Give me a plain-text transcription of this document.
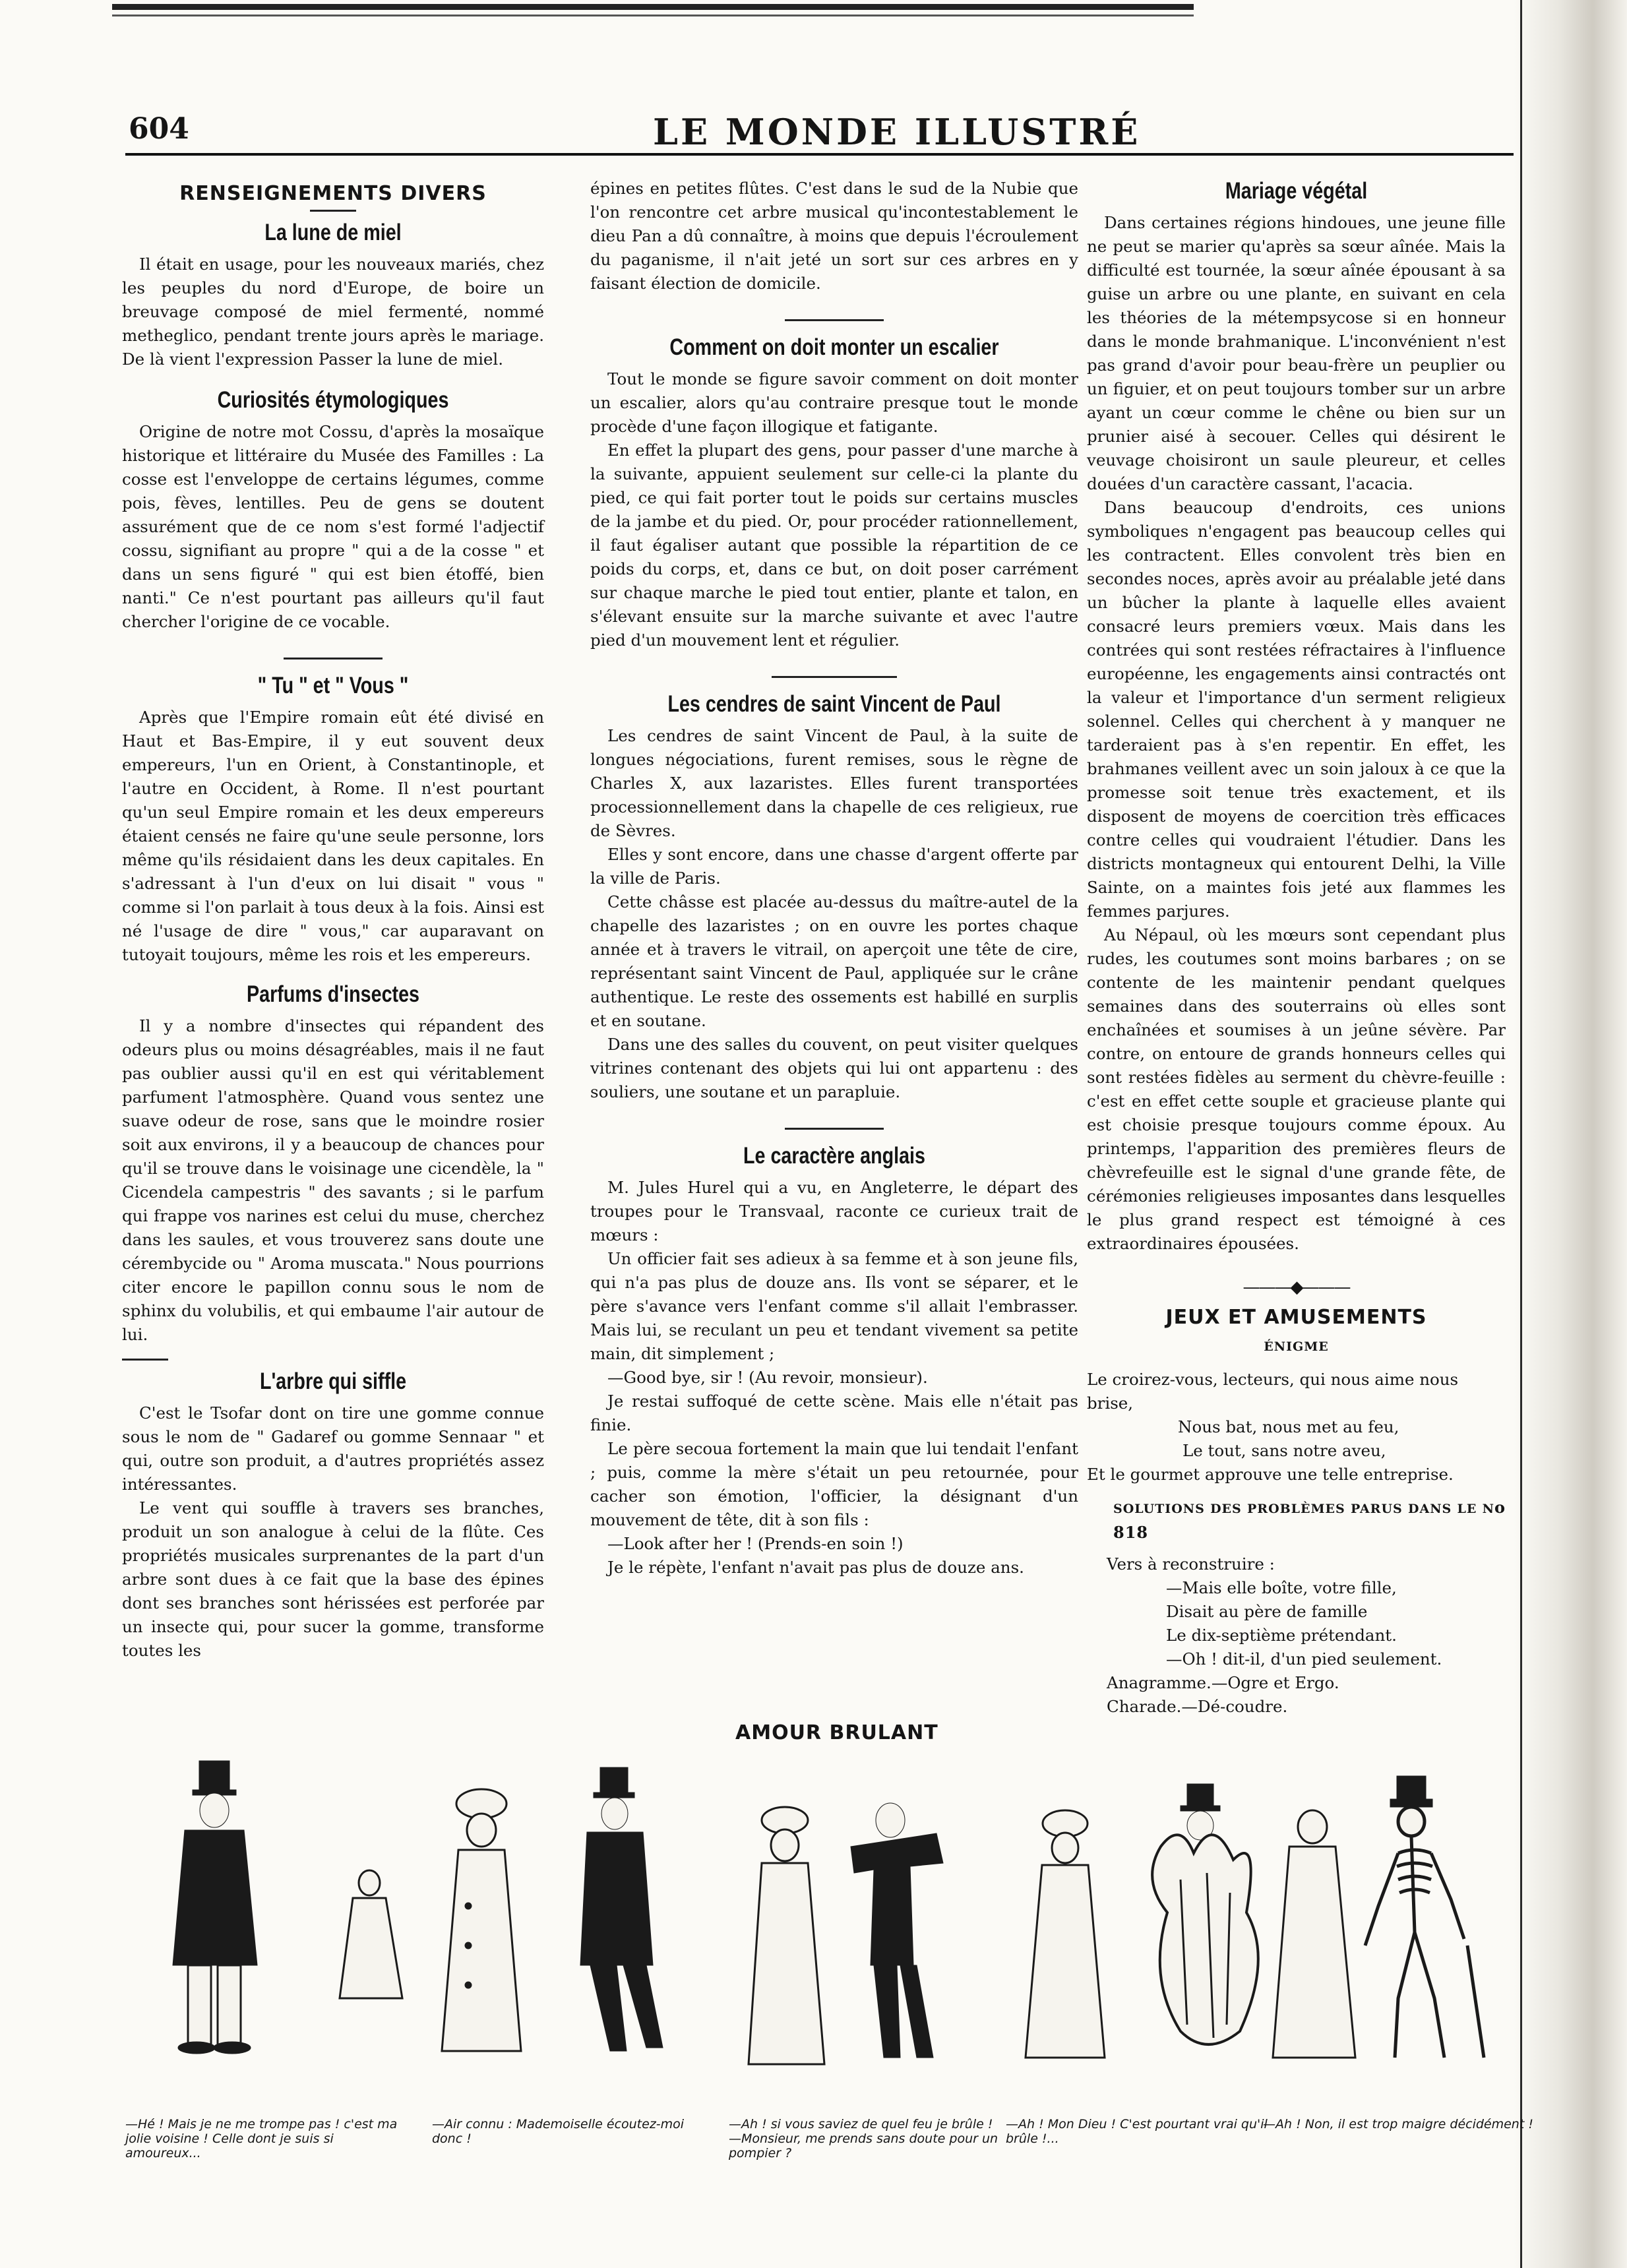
604	LE MONDE ILLUSTRÉ
RENSEIGNEMENTS DIVERS
La lune de miel

Il était en usage, pour les nouveaux mariés, chez les peuples du nord d'Europe, de boire un breuvage composé de miel fermenté, nommé metheglico, pendant trente jours après le mariage. De là vient l'expression Passer la lune de miel.

Curiosités étymologiques

Origine de notre mot Cossu, d'après la mosaïque historique et littéraire du Musée des Familles : La cosse est l'enveloppe de certains légumes, comme pois, fèves, lentilles. Peu de gens se doutent assurément que de ce nom s'est formé l'adjectif cossu, signifiant au propre " qui a de la cosse " et dans un sens figuré " qui est bien étoffé, bien nanti." Ce n'est pourtant pas ailleurs qu'il faut chercher l'origine de ce vocable.

" Tu " et " Vous "

Après que l'Empire romain eût été divisé en Haut et Bas-Empire, il y eut souvent deux empereurs, l'un en Orient, à Constantinople, et l'autre en Occident, à Rome. Il n'est pourtant qu'un seul Empire romain et les deux empereurs étaient censés ne faire qu'une seule personne, lors même qu'ils résidaient dans les deux capitales. En s'adressant à l'un d'eux on lui disait " vous " comme si l'on parlait à tous deux à la fois. Ainsi est né l'usage de dire " vous," car auparavant on tutoyait toujours, même les rois et les empereurs.

Parfums d'insectes

Il y a nombre d'insectes qui répandent des odeurs plus ou moins désagréables, mais il ne faut pas oublier aussi qu'il en est qui véritablement parfument l'atmosphère. Quand vous sentez une suave odeur de rose, sans que le moindre rosier soit aux environs, il y a beaucoup de chances pour qu'il se trouve dans le voisinage une cicendèle, la " Cicendela campestris " des savants ; si le parfum qui frappe vos narines est celui du muse, cherchez dans les saules, et vous trouverez sans doute une cérembycide ou " Aroma muscata." Nous pourrions citer encore le papillon connu sous le nom de sphinx du volubilis, et qui embaume l'air autour de lui.

L'arbre qui siffle

C'est le Tsofar dont on tire une gomme connue sous le nom de " Gadaref ou gomme Sennaar " et qui, outre son produit, a d'autres propriétés assez intéressantes.

Le vent qui souffle à travers ses branches, produit un son analogue à celui de la flûte. Ces propriétés musicales surprenantes de la part d'un arbre sont dues à ce fait que la base des épines dont ses branches sont hérissées est perforée par un insecte qui, pour sucer la gomme, transforme toutes les

épines en petites flûtes. C'est dans le sud de la Nubie que l'on rencontre cet arbre musical qu'incontestablement le dieu Pan a dû connaître, à moins que depuis l'écroulement du paganisme, il n'ait jeté un sort sur ces arbres en y faisant élection de domicile.

Comment on doit monter un escalier

Tout le monde se figure savoir comment on doit monter un escalier, alors qu'au contraire presque tout le monde procède d'une façon illogique et fatigante.

En effet la plupart des gens, pour passer d'une marche à la suivante, appuient seulement sur celle-ci la plante du pied, ce qui fait porter tout le poids sur certains muscles de la jambe et du pied. Or, pour procéder rationnellement, il faut égaliser autant que possible la répartition de ce poids du corps, et, dans ce but, on doit poser carrément sur chaque marche le pied tout entier, plante et talon, en s'élevant ensuite sur la marche suivante et avec l'autre pied d'un mouvement lent et régulier.

Les cendres de saint Vincent de Paul

Les cendres de saint Vincent de Paul, à la suite de longues négociations, furent remises, sous le règne de Charles X, aux lazaristes. Elles furent transportées processionnellement dans la chapelle de ces religieux, rue de Sèvres.

Elles y sont encore, dans une chasse d'argent offerte par la ville de Paris.

Cette châsse est placée au-dessus du maître-autel de la chapelle des lazaristes ; on en ouvre les portes chaque année et à travers le vitrail, on aperçoit une tête de cire, représentant saint Vincent de Paul, appliquée sur le crâne authentique. Le reste des ossements est habillé en surplis et en soutane.

Dans une des salles du couvent, on peut visiter quelques vitrines contenant des objets qui lui ont appartenu : des souliers, une soutane et un parapluie.

Le caractère anglais

M. Jules Hurel qui a vu, en Angleterre, le départ des troupes pour le Transvaal, raconte ce curieux trait de mœurs :

Un officier fait ses adieux à sa femme et à son jeune fils, qui n'a pas plus de douze ans. Ils vont se séparer, et le père s'avance vers l'enfant comme s'il allait l'embrasser. Mais lui, se reculant un peu et tendant vivement sa petite main, dit simplement ;

—Good bye, sir ! (Au revoir, monsieur).

Je restai suffoqué de cette scène. Mais elle n'était pas finie.

Le père secoua fortement la main que lui tendait l'enfant ; puis, comme la mère s'était un peu retournée, pour cacher son émotion, l'officier, la désignant d'un mouvement de tête, dit à son fils :

—Look after her ! (Prends-en soin !)

Je le répète, l'enfant n'avait pas plus de douze ans.

Mariage végétal

Dans certaines régions hindoues, une jeune fille ne peut se marier qu'après sa sœur aînée. Mais la difficulté est tournée, la sœur aînée épousant à sa guise un arbre ou une plante, en suivant en cela les théories de la métempsycose si en honneur dans le monde brahmanique. L'inconvénient n'est pas grand d'avoir pour beau-frère un peuplier ou un figuier, et on peut toujours tomber sur un arbre ayant un cœur comme le chêne ou bien sur un prunier aisé à secouer. Celles qui désirent le veuvage choisiront un saule pleureur, et celles douées d'un caractère cassant, l'acacia.

Dans beaucoup d'endroits, ces unions symboliques n'engagent pas beaucoup celles qui les contractent. Elles convolent très bien en secondes noces, après avoir au préalable jeté dans un bûcher la plante à laquelle elles avaient consacré leurs premiers vœux. Mais dans les contrées qui sont restées réfractaires à l'influence européenne, les engagements ainsi contractés ont la valeur et l'importance d'un serment religieux solennel. Celles qui cherchent à y manquer ne tarderaient pas à s'en repentir. En effet, les brahmanes veillent avec un soin jaloux à ce que la promesse soit tenue très exactement, et ils disposent de moyens de coercition très efficaces contre celles qui voudraient l'étudier. Dans les districts montagneux qui entourent Delhi, la Ville Sainte, on a maintes fois jeté aux flammes les femmes parjures.

Au Népaul, où les mœurs sont cependant plus rudes, les coutumes sont moins barbares ; on se contente de les maintenir pendant quelques semaines dans des souterrains où elles sont enchaînées et soumises à un jeûne sévère. Par contre, on entoure de grands honneurs celles qui sont restées fidèles au serment du chèvre-feuille : c'est en effet cette souple et gracieuse plante qui est choisie presque toujours comme époux. Au printemps, l'apparition des premières fleurs de chèvrefeuille est le signal d'une grande fête, de cérémonies religieuses imposantes dans lesquelles le plus grand respect est témoigné à ces extraordinaires épousées.

———◆———
JEUX ET AMUSEMENTS
ÉNIGME

Le croirez-vous, lecteurs, qui nous aime nous brise,

Nous bat, nous met au feu,

Le tout, sans notre aveu,

Et le gourmet approuve une telle entreprise.

SOLUTIONS DES PROBLÈMES PARUS DANS LE No 818

Vers à reconstruire :

—Mais elle boîte, votre fille,

Disait au père de famille

Le dix-septième prétendant.

—Oh ! dit-il, d'un pied seulement.

Anagramme.—Ogre et Ergo.

Charade.—Dé-coudre.

AMOUR BRULANT
—Hé ! Mais je ne me trompe pas ! c'est ma jolie voisine ! Celle dont je suis si amoureux...
—Air connu : Mademoiselle écoutez-moi donc !
—Ah ! si vous saviez de quel feu je brûle ! —Monsieur, me prends sans doute pour un pompier ?
—Ah ! Mon Dieu ! C'est pourtant vrai qu'il brûle !...
—Ah ! Non, il est trop maigre décidément !
